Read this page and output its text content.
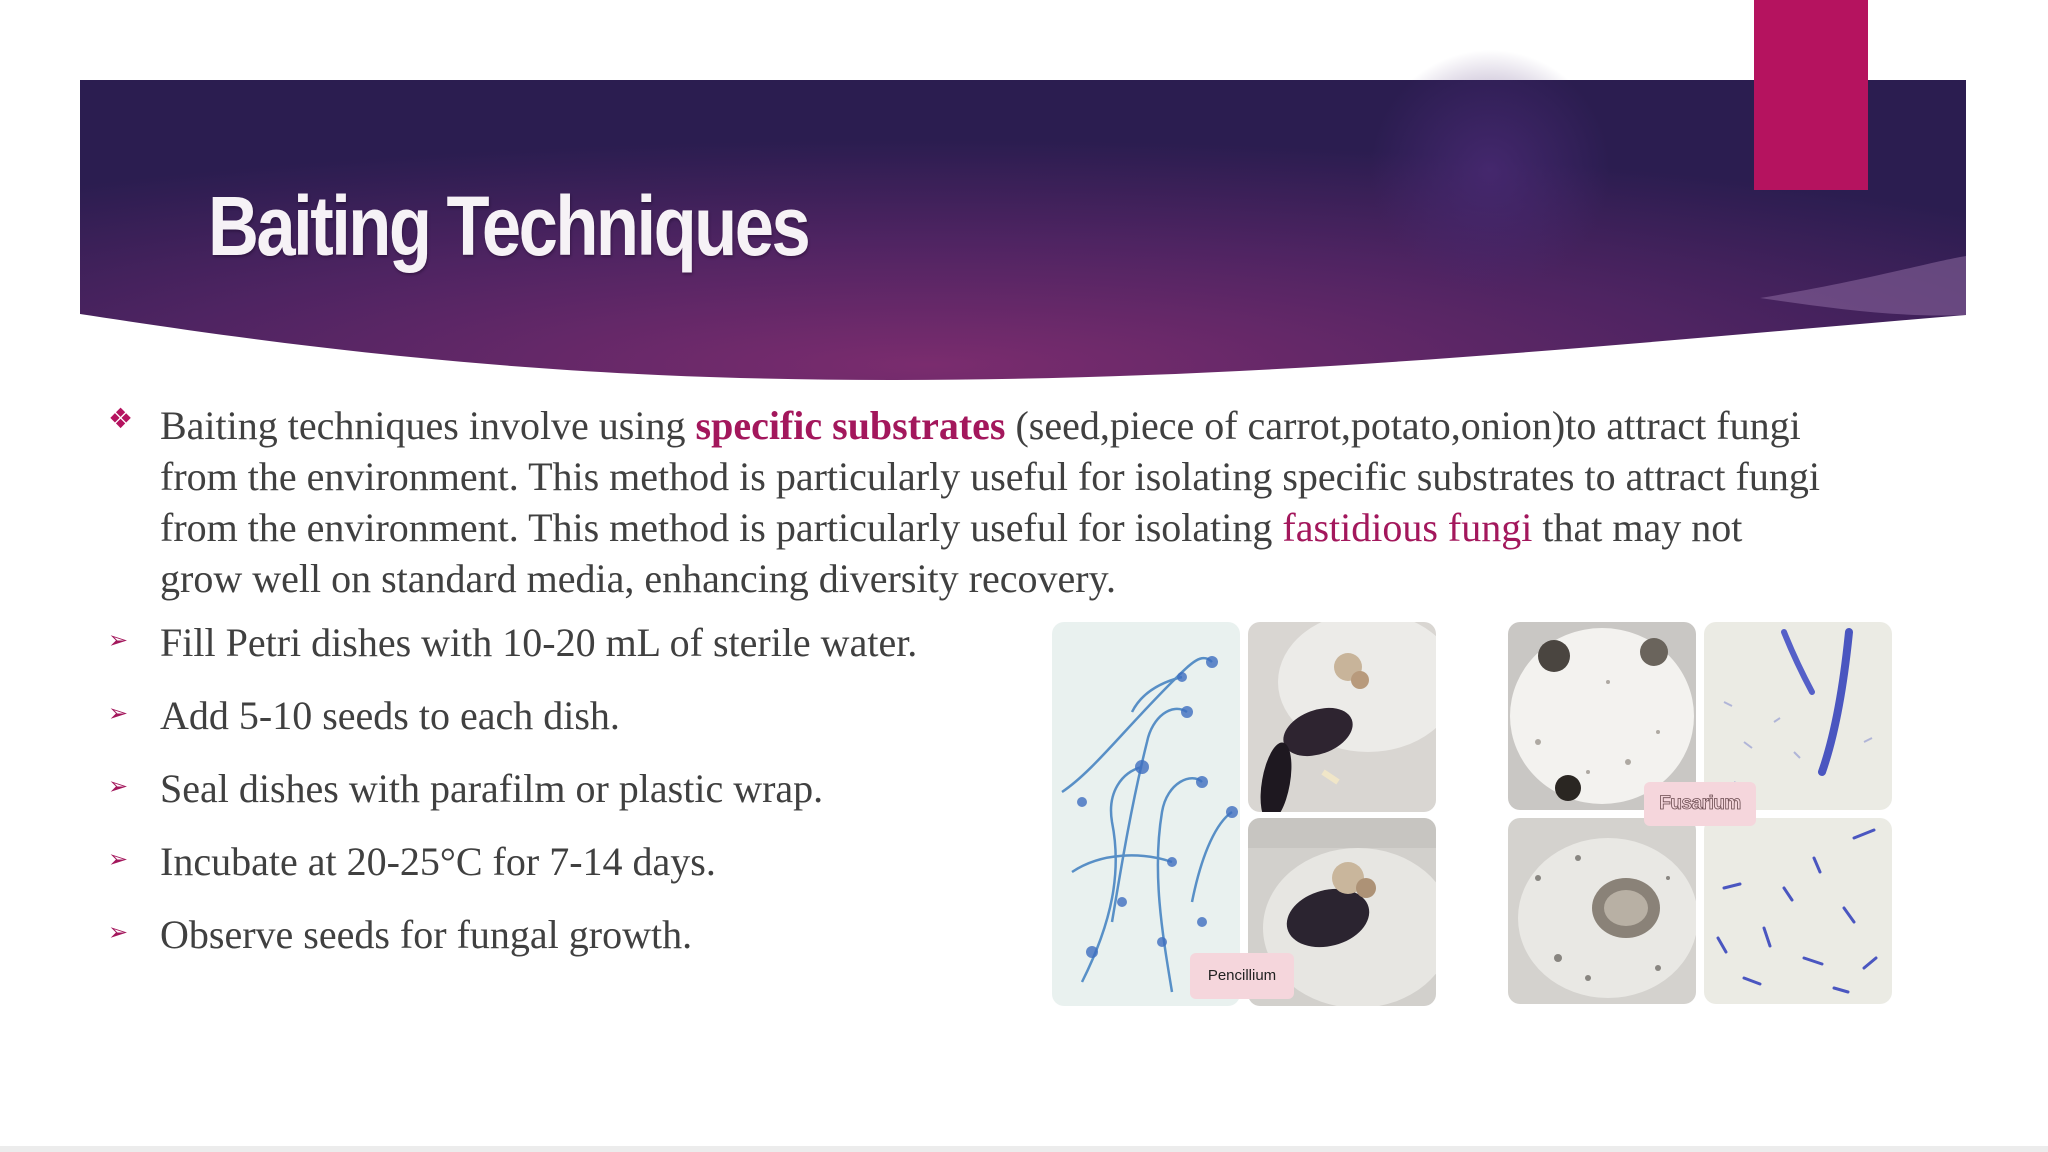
Baiting Techniques
❖ Baiting techniques involve using specific substrates (seed,piece of carrot,potato,onion)to attract fungi from the environment. This method is particularly useful for isolating specific substrates to attract fungi from the environment. This method is particularly useful for isolating fastidious fungi that may not grow well on standard media, enhancing diversity recovery.

➢ Fill Petri dishes with 10-20 mL of sterile water.
➢ Add 5-10 seeds to each dish.
➢ Seal dishes with parafilm or plastic wrap.
➢ Incubate at 20-25°C for 7-14 days.
➢ Observe seeds for fungal growth.
Pencillium
Fusarium
